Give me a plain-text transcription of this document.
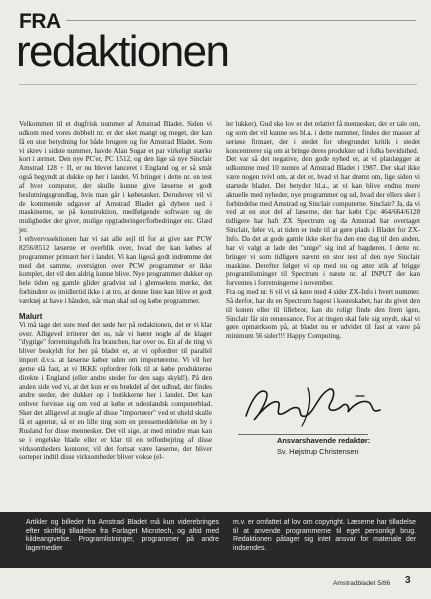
FRA
redaktionen

Velkommen til et dugfrisk nummer af Amstrad Bladet. Siden vi udkom med vores dobbelt nr. er der sket mangt og meget, der kan få en stor betydning for både brugere og for Amstrad Bladet. Som vi skrev i sidste nummer, havde Alan Sugar et par virkeligt stærke kort i ærmet. Den nye PC'er, PC 1512, og den lige så nye Sinclair Amstrad 128 + II, er nu blevet lanceret i England og er så småt også begyndt at dukke op her i landet. Vi bringer i dette nr. en test af hver computer, der skulle kunne give læserne et godt beslutningsgrundlag, hvis man går i købetanker. Derudover vil vi de kommende udgaver af Amstrad Bladet gå dybere ned i maskinerne, se på konstruktion, medfølgende software og de muligheder der giver, mulige opgraderinger/forbedringer etc. Glæd jer.

I erhvervssektionen har vi sat alle sejl til for at give sær PCW 8256/8512 læserne et overblik over, hvad der kan købes af programmer primært her i landet. Vi kan ligeså godt indrømme det med det samme, oversigten over PCW programmer er ikke komplet, det vil den aldrig kunne blive. Nye programmer dukker op hele tiden og gamle glider gradvist ud i glemselens mørke, det forhindrer os imidlertid ikke i at tro, at denne liste kan blive et godt værktøj at have i hånden, når man skal ud og købe programmer.

Malurt

Vi må tage det sure med det søde her på redaktionen, det er vi klar over. Alligevel irriterer det os, når vi hører nogle af de klager "dygtige" forretningsfolk fra branchen, har over os. En af de ting vi bliver beskyldt for her på bladet er, at vi opfordrer til parallel import d.v.s. at læserne køber uden om importørerne. Vi vil her gerne slå fast, at vi IKKE opfordrer folk til at købe produkterne direkte i England (eller andre steder for den sags skyld!). På den anden side ved vi, at det kun er en brøkdel af det udbud, der findes andre steder, der dukker op i butikkerne her i landet. Det kan enhver forvisse sig om ved at købe et udenlandsk computerblad. Sker det alligevel at nogle af disse "importører" ved et uheld skulle få et agentur, så er en lille ting som en pressemeddelelse en by i Rusland for disse mennesker. Det vil sige, at med mindre man kan se i engelske blade eller er klar til en telfonbejring af disse virksomheders kontorer, vil det fortsat være læserne, der bliver sorteper indtil disse virksomheder bliver vokse (el-

ler lukker). Gud ske lov er det relativt få mennesker, der er tale om, og som det vil kunne ses bl.a. i dette nummer, findes der masser af seriøse firmaer, der i stedet for ubegrundet kritik i stedet koncentrerer sig om at bringe deres produkter ud i folks bevidsthed.

Det var så det negative, den gode nyhed er, at vi planlægger at udkomme med 10 numre af Amstrad Bladet i 1987. Der skal ikke være nogen tvivl om, at det er, hvad vi har drømt om, lige siden vi startede bladet. Det betyder bl.a., at vi kan blive endnu mere aktuelle med nyheder, nye programmer og ud, hvad der ellers sker i forbindelse med Amstrad og Sinclair computerne. Sinclair? Ja, da vi ved at en stor del af læserne, der har købt Cpc 464/664/6128 tidligere har haft ZX Spectrum og da Amstrad har overtaget Sinclair, føler vi, at tiden er inde til at gøre plads i Bladet for ZX-Info. Da det at gode gamle ikke sker fra den ene dag til den anden, har vi valgt at lade det "snige" sig ind af bagdøren. I dette nr. bringer vi som tidligere nævnt en stor test af den nye Sinclair maskine. Derefter følger vi op med nu og atter stik af brigge programlistninger til Spectrum i næste nr. af INPUT der kan forventes i forretningerne i november.

Fra og med nr. 6 vil vi så køre med 4 sider ZX-Info i hvert nummer. Så derfor, har du en Spectrum bagest i kosteskabet, har du givet den til konen eller til lillebror, kan du roligt finde den frem igen, Sinclair får sin renæssance. For at tingen skal føle sig snydt, skal vi gøre opmærksom på, at bladet nu er udvidet til fast at være på minimum 56 sider!!! Happy Computing.

Ansvarshavende redaktør:
Sv. Højstrup Christensen

Artikler og billeder fra Amstrad Bladet må kun viderebringes efter skriftlig tilladelse fra Forlaget Microtech, og altid med kildeangivelse. Programlistninger, programmer på andre lagermedier

m.v. er omfattet af lov om copyright. Læserne har tilladelse til at anvende programmerne til eget personligt brug. Redaktionen påtager sig intet ansvar for materiale der indsendes.

Amstradbladet 5/86 3
